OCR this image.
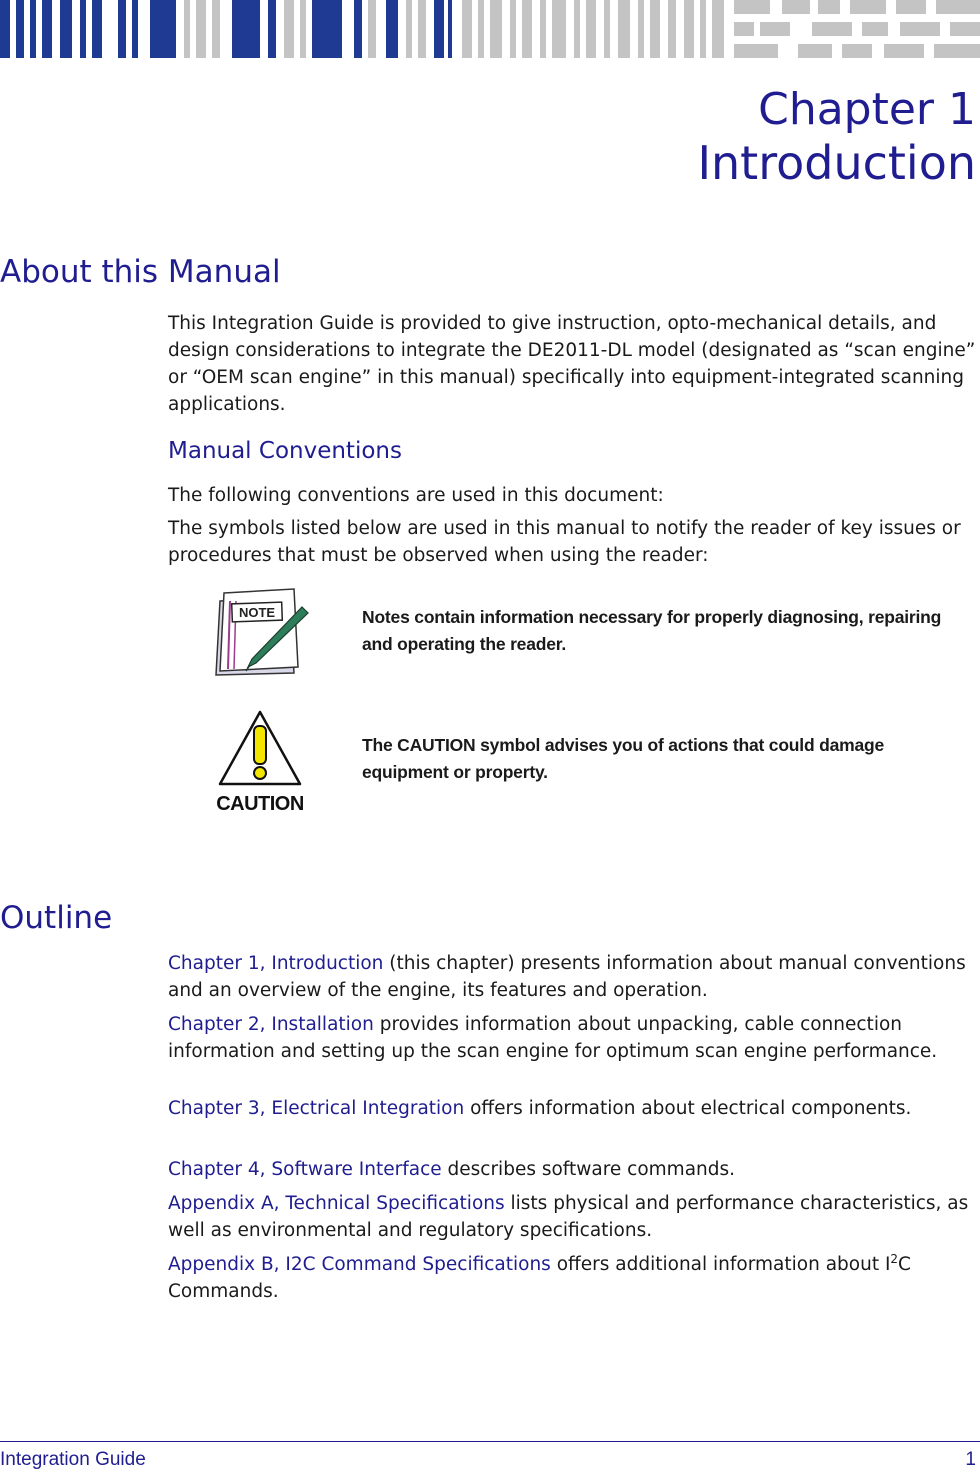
Chapter 1
Introduction
About this Manual

This Integration Guide is provided to give instruction, opto-mechanical details, and design considerations to integrate the DE2011-DL model (designated as “scan engine” or “OEM scan engine” in this manual) specifically into equipment-integrated scanning applications.

Manual Conventions

The following conventions are used in this document:

The symbols listed below are used in this manual to notify the reader of key issues or procedures that must be observed when using the reader:

NOTE	Notes contain information necessary for properly diagnosing, repairing and operating the reader.
CAUTION
The CAUTION symbol advises you of actions that could damage equipment or property.
Outline

Chapter 1, Introduction (this chapter) presents information about manual conventions and an overview of the engine, its features and operation.

Chapter 2, Installation provides information about unpacking, cable connection information and setting up the scan engine for optimum scan engine performance.

Chapter 3, Electrical Integration offers information about electrical components.

Chapter 4, Software Interface describes software commands.

Appendix A, Technical Specifications lists physical and performance characteristics, as well as environmental and regulatory specifications.

Appendix B, I2C Command Specifications offers additional information about $I^2C$ Commands.

Integration Guide	1
